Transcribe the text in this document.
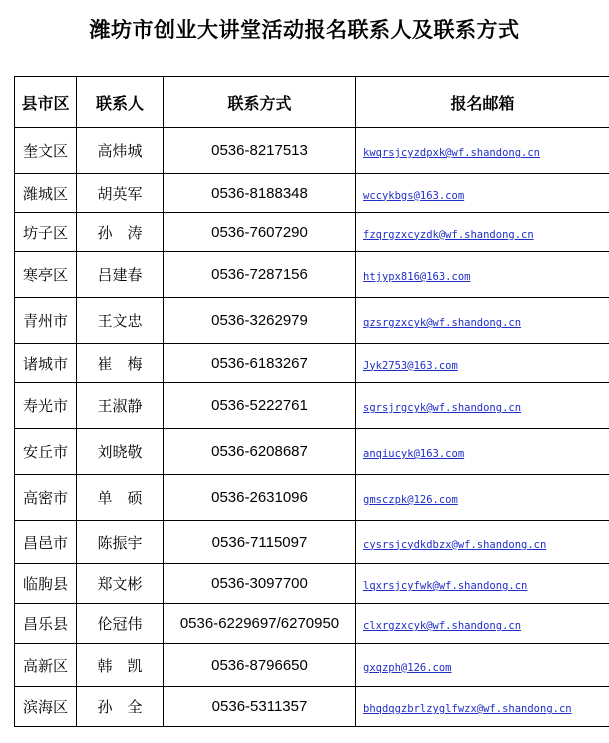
潍坊市创业大讲堂活动报名联系人及联系方式
县市区	联系人	联系方式	报名邮箱
奎文区	高炜城	0536-8217513	kwqrsjcyzdpxk@wf.shandong.cn
潍城区	胡英军	0536-8188348	wccykbgs@163.com
坊子区	孙　涛	0536-7607290	fzqrgzxcyzdk@wf.shandong.cn
寒亭区	吕建春	0536-7287156	htjypx816@163.com
青州市	王文忠	0536-3262979	qzsrgzxcyk@wf.shandong.cn
诸城市	崔　梅	0536-6183267	Jyk2753@163.com
寿光市	王淑静	0536-5222761	sgrsjrgcyk@wf.shandong.cn
安丘市	刘晓敬	0536-6208687	anqiucyk@163.com
高密市	单　硕	0536-2631096	gmsczpk@126.com
昌邑市	陈振宇	0536-7115097	cysrsjcydkdbzx@wf.shandong.cn
临朐县	郑文彬	0536-3097700	lqxrsjcyfwk@wf.shandong.cn
昌乐县	伦冠伟	0536-6229697/6270950	clxrgzxcyk@wf.shandong.cn
高新区	韩　凯	0536-8796650	gxqzph@126.com
滨海区	孙　全	0536-5311357	bhqdqgzbrlzyglfwzx@wf.shandong.cn
